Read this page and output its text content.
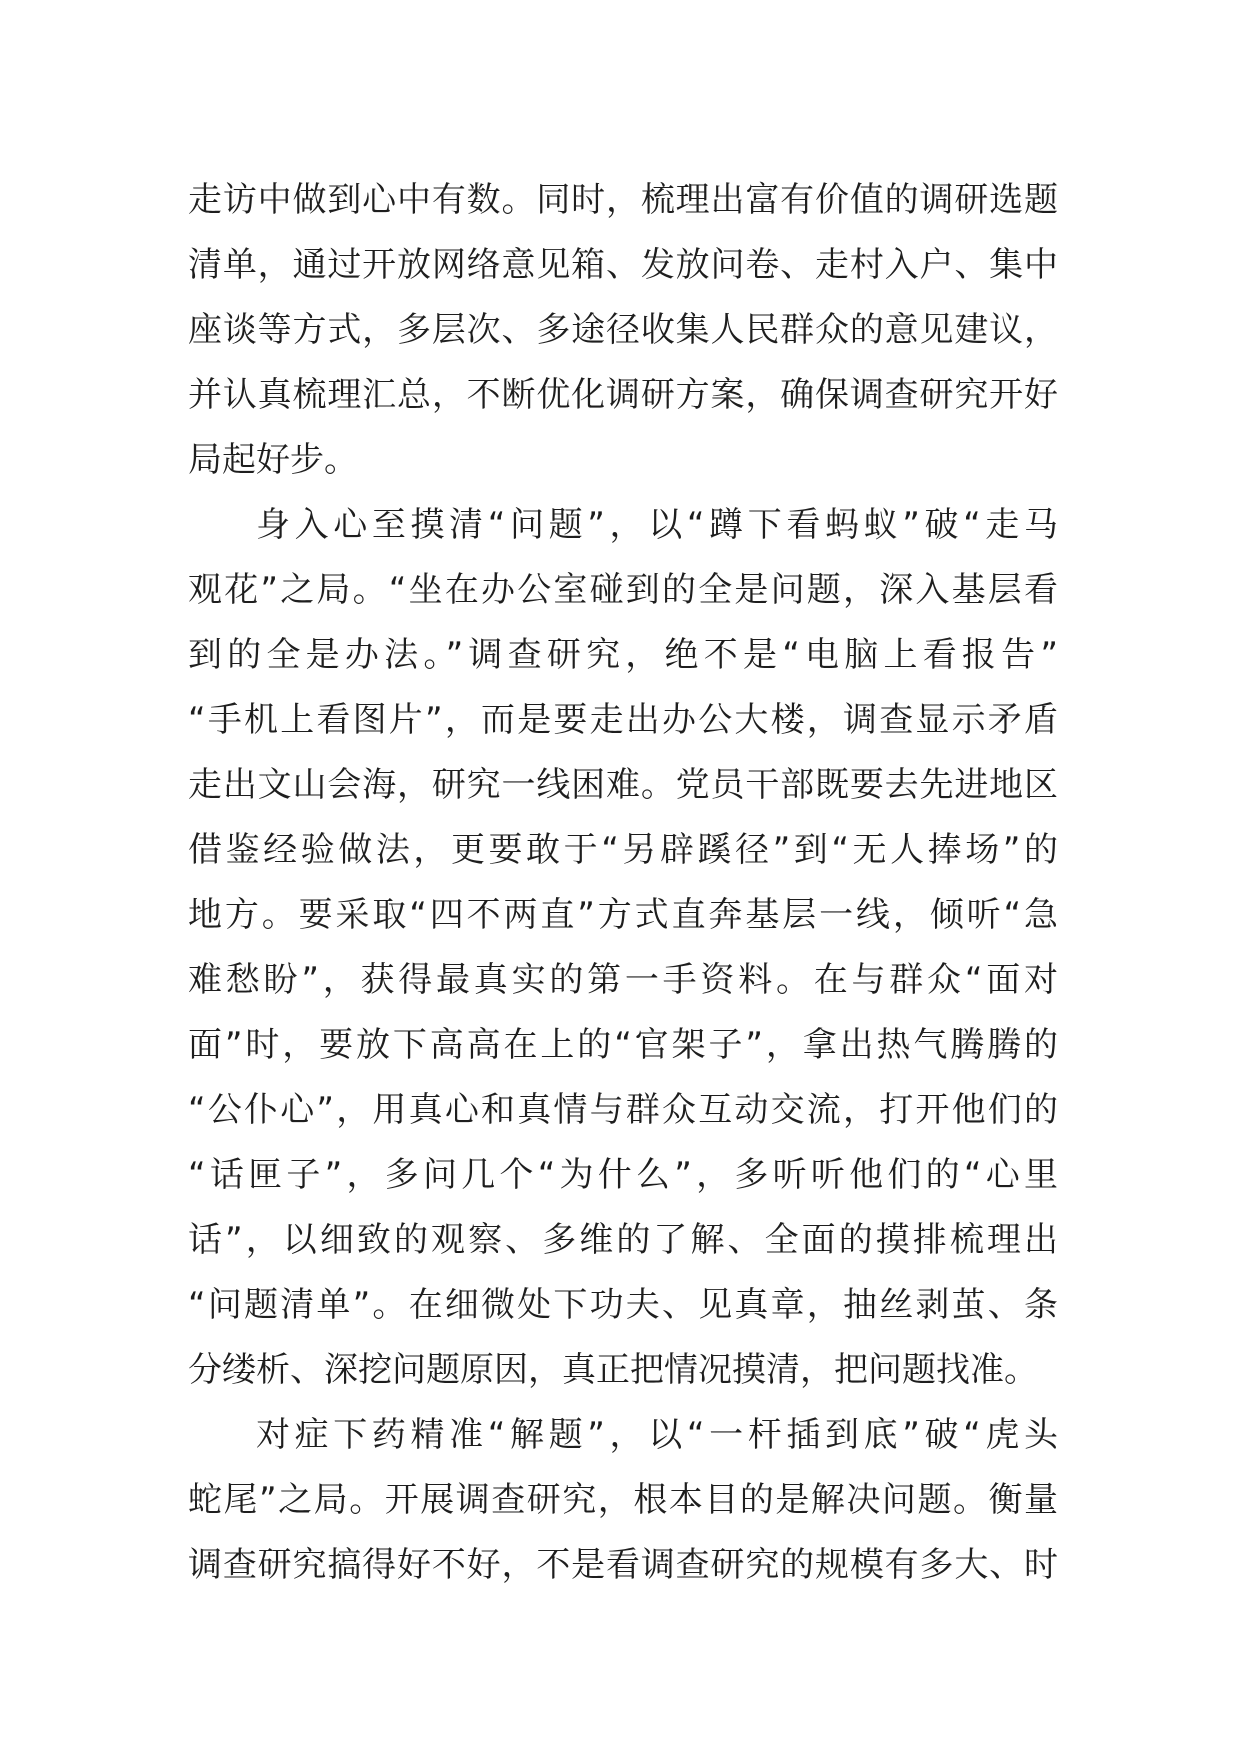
走访中做到心中有数。同时，梳理出富有价值的调研选题
清单，通过开放网络意见箱、发放问卷、走村入户、集中
座谈等方式，多层次、多途径收集人民群众的意见建议，
并认真梳理汇总，不断优化调研方案，确保调查研究开好
局起好步。
身入心至摸清“问题”，以“蹲下看蚂蚁”破“走马
观花”之局。“坐在办公室碰到的全是问题，深入基层看
到的全是办法。”调查研究，绝不是“电脑上看报告”
“手机上看图片”，而是要走出办公大楼，调查显示矛盾
走出文山会海，研究一线困难。党员干部既要去先进地区
借鉴经验做法，更要敢于“另辟蹊径”到“无人捧场”的
地方。要采取“四不两直”方式直奔基层一线，倾听“急
难愁盼”，获得最真实的第一手资料。在与群众“面对
面”时，要放下高高在上的“官架子”，拿出热气腾腾的
“公仆心”，用真心和真情与群众互动交流，打开他们的
“话匣子”，多问几个“为什么”，多听听他们的“心里
话”，以细致的观察、多维的了解、全面的摸排梳理出
“问题清单”。在细微处下功夫、见真章，抽丝剥茧、条
分缕析、深挖问题原因，真正把情况摸清，把问题找准。
对症下药精准“解题”，以“一杆插到底”破“虎头
蛇尾”之局。开展调查研究，根本目的是解决问题。衡量
调查研究搞得好不好，不是看调查研究的规模有多大、时
